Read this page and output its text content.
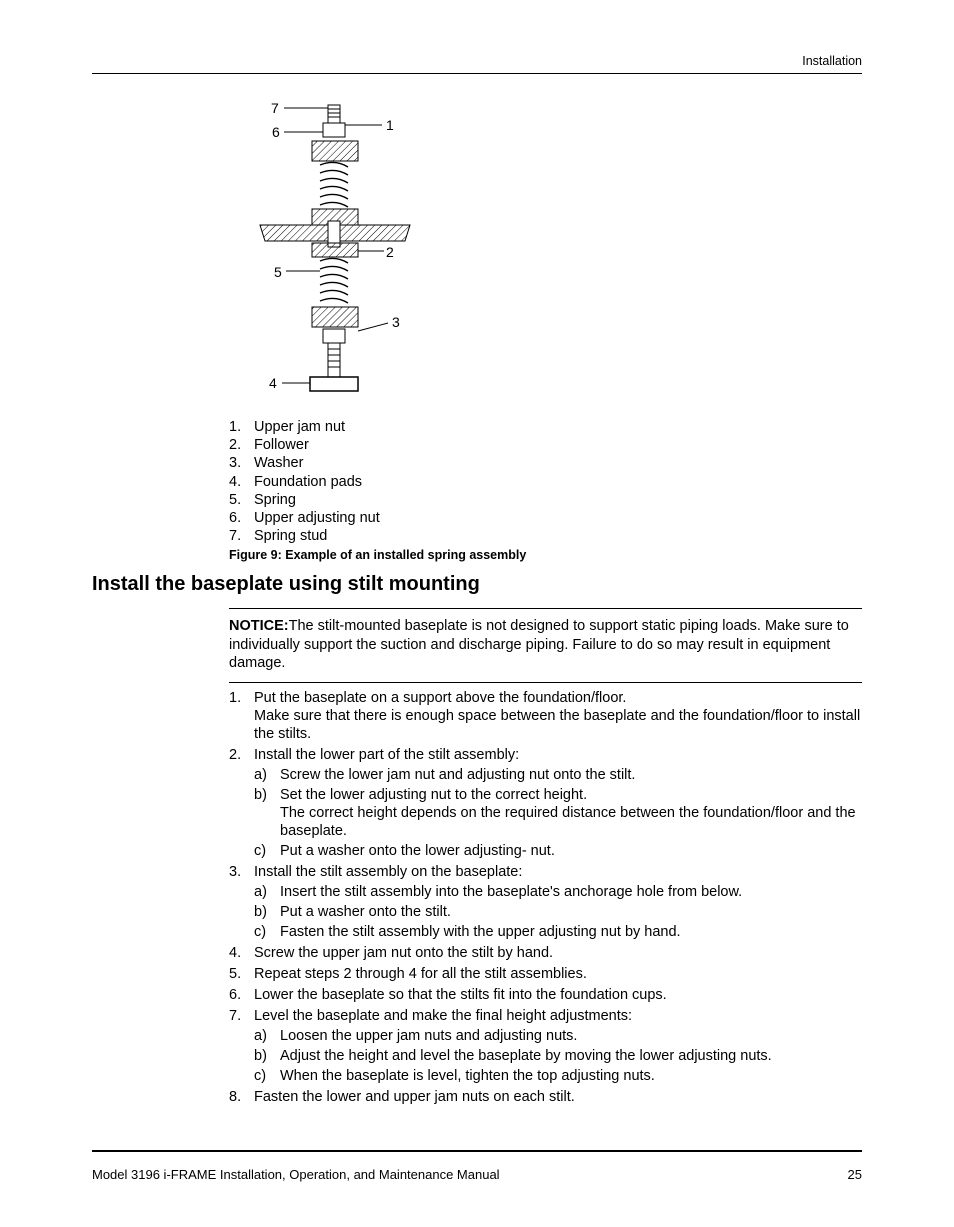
Installation
7
6	1
2
5
3
4
1. Upper jam nut
2. Follower
3. Washer
4. Foundation pads
5. Spring
6. Upper adjusting nut
7. Spring stud
Figure 9: Example of an installed spring assembly
Install the baseplate using stilt mounting
NOTICE:The stilt-mounted baseplate is not designed to support static piping loads. Make sure to individually support the suction and discharge piping. Failure to do so may result in equipment damage.
1. Put the baseplate on a support above the foundation/floor.
Make sure that there is enough space between the baseplate and the foundation/floor to install the stilts.
2. Install the lower part of the stilt assembly:
a) Screw the lower jam nut and adjusting nut onto the stilt.
b) Set the lower adjusting nut to the correct height.
The correct height depends on the required distance between the foundation/floor and the baseplate.
c) Put a washer onto the lower adjusting- nut.
3. Install the stilt assembly on the baseplate:
a) Insert the stilt assembly into the baseplate's anchorage hole from below.
b) Put a washer onto the stilt.
c) Fasten the stilt assembly with the upper adjusting nut by hand.
4. Screw the upper jam nut onto the stilt by hand.
5. Repeat steps 2 through 4 for all the stilt assemblies.
6. Lower the baseplate so that the stilts fit into the foundation cups.
7. Level the baseplate and make the final height adjustments:
a) Loosen the upper jam nuts and adjusting nuts.
b) Adjust the height and level the baseplate by moving the lower adjusting nuts.
c) When the baseplate is level, tighten the top adjusting nuts.
8. Fasten the lower and upper jam nuts on each stilt.
Model 3196 i-FRAME Installation, Operation, and Maintenance Manual	25
